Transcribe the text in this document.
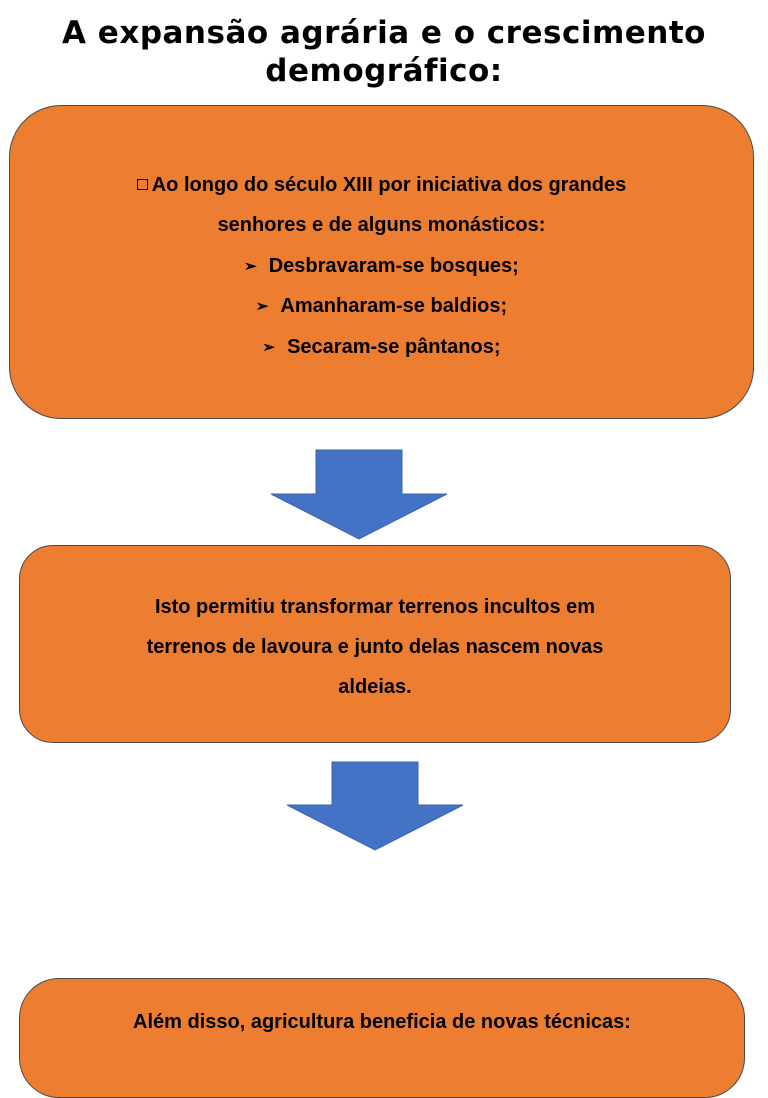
A expansão agrária e o crescimento
demográfico:
Ao longo do século XIII por iniciativa dos grandes
senhores e de alguns monásticos:
➢ Desbravaram-se bosques;
➢ Amanharam-se baldios;
➢ Secaram-se pântanos;
Isto permitiu transformar terrenos incultos em
terrenos de lavoura e junto delas nascem novas
aldeias.
Além disso, agricultura beneficia de novas técnicas:
